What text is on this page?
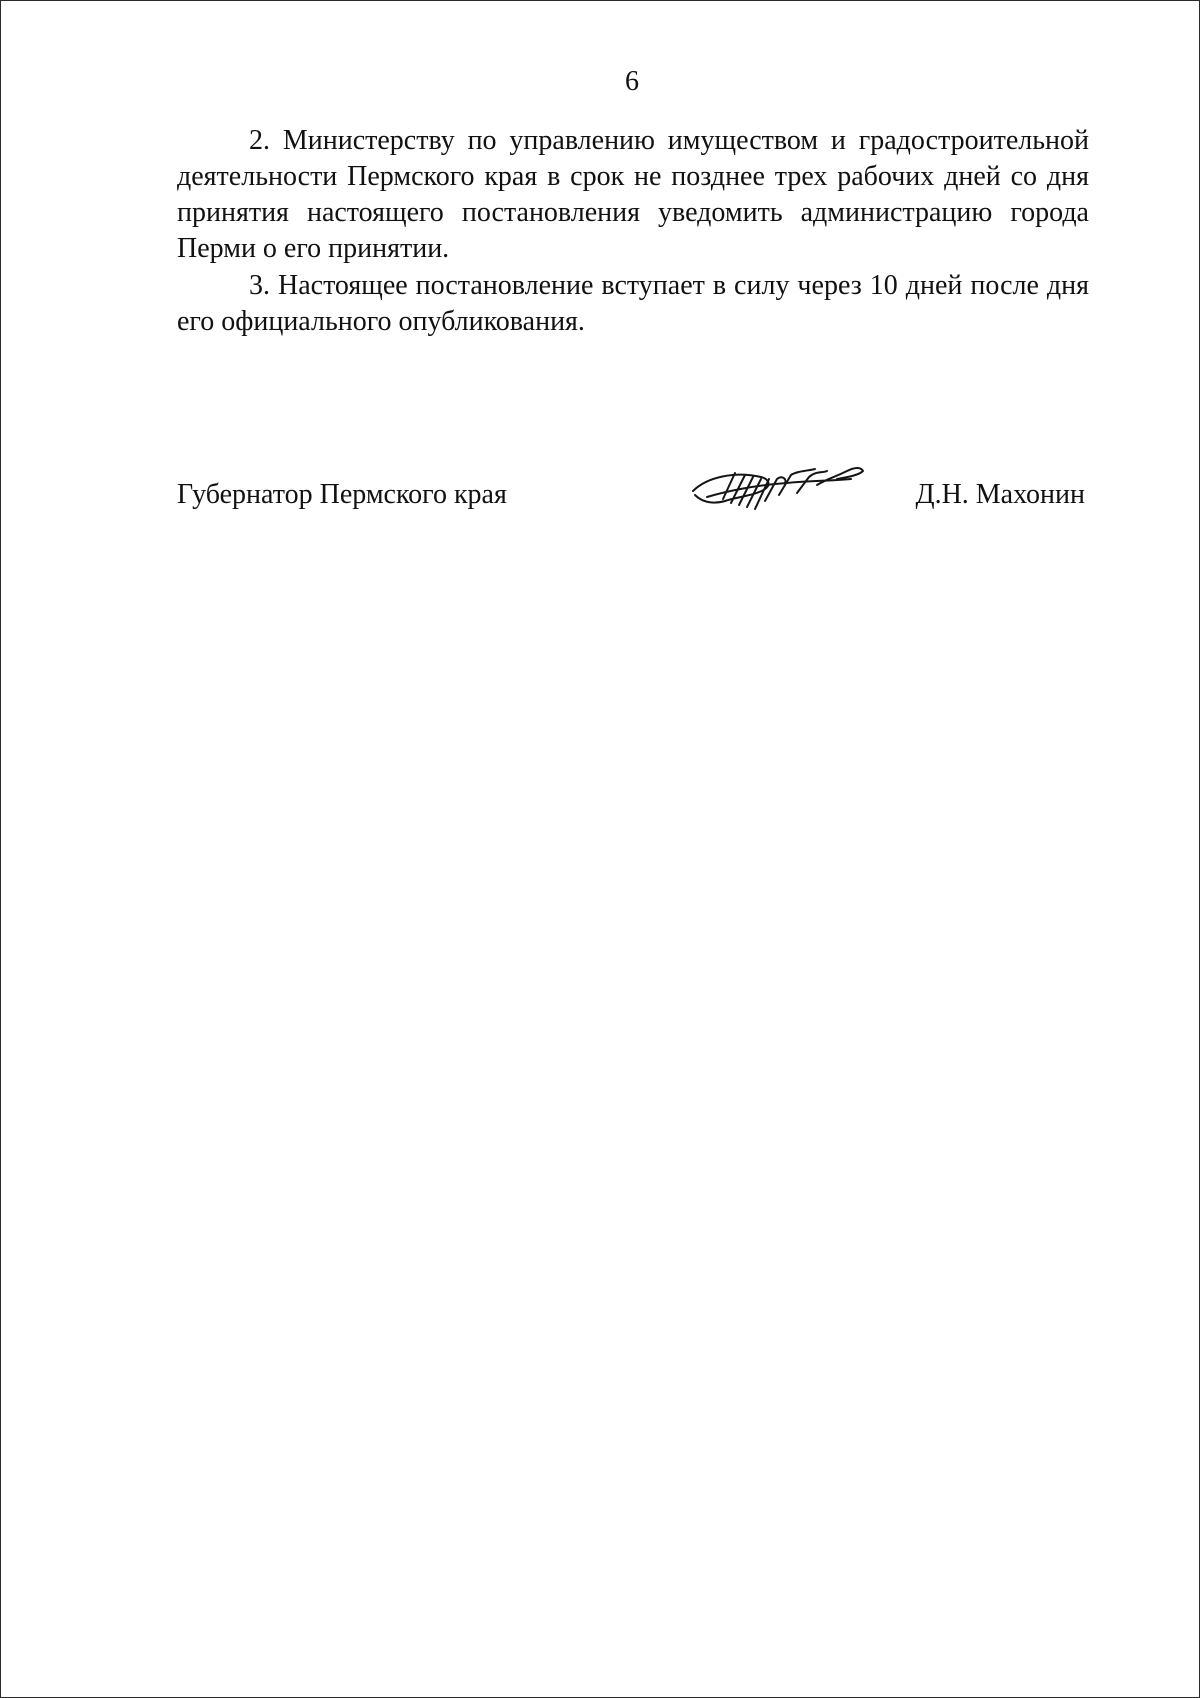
6

2. Министерству по управлению имуществом и градостроительной деятельности Пермского края в срок не позднее трех рабочих дней со дня принятия настоящего постановления уведомить администрацию города Перми о его принятии.

3. Настоящее постановление вступает в силу через 10 дней после дня его официального опубликования.

Губернатор Пермского края	Д.Н. Махонин
